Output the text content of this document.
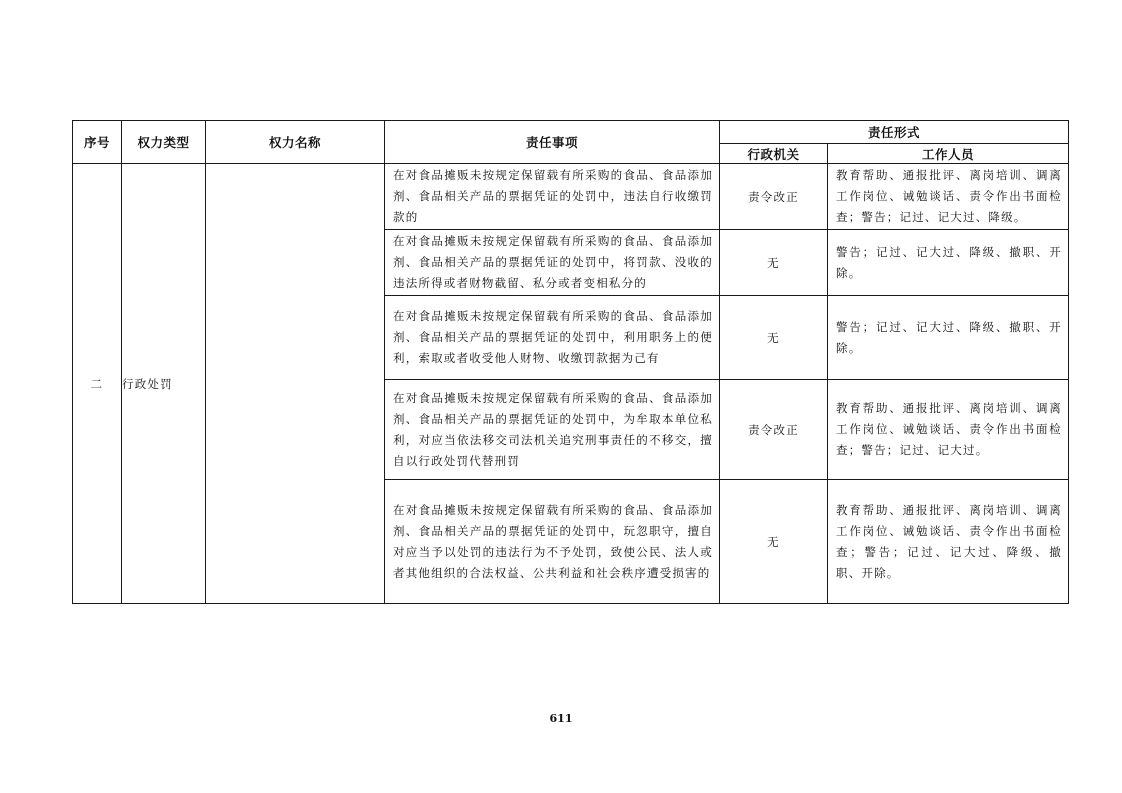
序号	权力类型	权力名称	责任事项	责任形式	
				行政机关	工作人员
二	行政处罚		在对食品摊贩未按规定保留载有所采购的食品、食品添加剂、食品相关产品的票据凭证的处罚中，违法自行收缴罚款的	责令改正	教育帮助、通报批评、离岗培训、调离工作岗位、诫勉谈话、责令作出书面检查；警告；记过、记大过、降级。

			在对食品摊贩未按规定保留载有所采购的食品、食品添加剂、食品相关产品的票据凭证的处罚中，将罚款、没收的违法所得或者财物截留、私分或者变相私分的	无	警告；记过、记大过、降级、撤职、开除。

			在对食品摊贩未按规定保留载有所采购的食品、食品添加剂、食品相关产品的票据凭证的处罚中，利用职务上的便利，索取或者收受他人财物、收缴罚款据为己有	无	警告；记过、记大过、降级、撤职、开除。

			在对食品摊贩未按规定保留载有所采购的食品、食品添加剂、食品相关产品的票据凭证的处罚中，为牟取本单位私利，对应当依法移交司法机关追究刑事责任的不移交，擅自以行政处罚代替刑罚	责令改正	教育帮助、通报批评、离岗培训、调离工作岗位、诫勉谈话、责令作出书面检查；警告；记过、记大过。

			在对食品摊贩未按规定保留载有所采购的食品、食品添加剂、食品相关产品的票据凭证的处罚中，玩忽职守，擅自对应当予以处罚的违法行为不予处罚，致使公民、法人或者其他组织的合法权益、公共利益和社会秩序遭受损害的	无	教育帮助、通报批评、离岗培训、调离工作岗位、诫勉谈话、责令作出书面检查；警告；记过、记大过、降级、撤职、开除。
611
